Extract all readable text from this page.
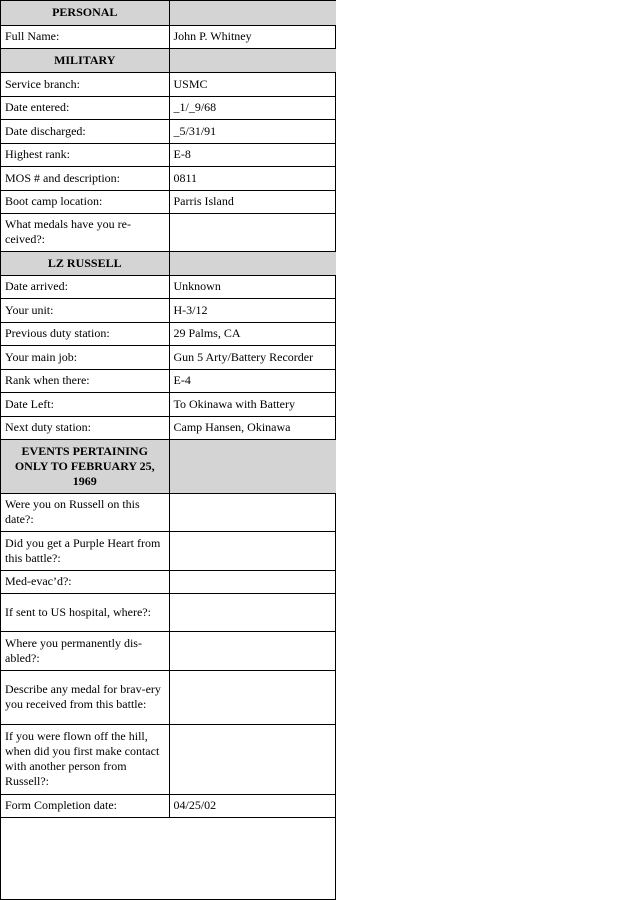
PERSONAL	
Full Name:	John P. Whitney
MILITARY	
Service branch:	USMC
Date entered:	_1/_9/68
Date discharged:	_5/31/91
Highest rank:	E-8
MOS # and description:	0811
Boot camp location:	Parris Island
What medals have you re-ceived?:	
LZ RUSSELL	
Date arrived:	Unknown
Your unit:	H-3/12
Previous duty station:	29 Palms, CA
Your main job:	Gun 5 Arty/Battery Recorder
Rank when there:	E-4
Date Left:	To Okinawa with Battery
Next duty station:	Camp Hansen, Okinawa
EVENTS PERTAINING ONLY TO FEBRUARY 25, 1969	
Were you on Russell on this date?:	
Did you get a Purple Heart from this battle?:	
Med-evac’d?:	
If sent to US hospital, where?:	
Where you permanently dis-abled?:	
Describe any medal for brav-ery you received from this battle:	
If you were flown off the hill, when did you first make contact with another person from Russell?:	
Form Completion date:	04/25/02
